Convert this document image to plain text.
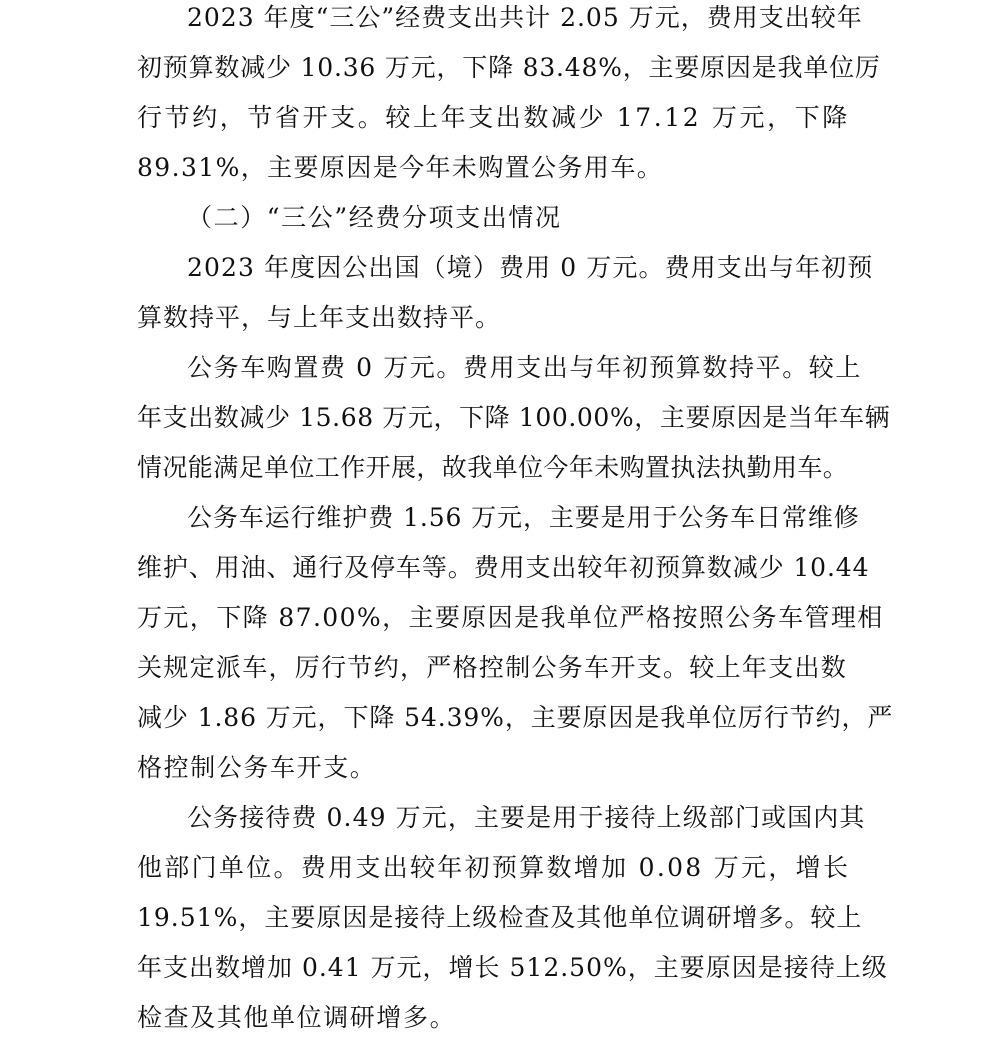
2023 年度“三公”经费支出共计 2.05 万元，费用支出较年
初预算数减少 10.36 万元，下降 83.48%，主要原因是我单位厉
行节约，节省开支。较上年支出数减少 17.12 万元，下降
89.31%，主要原因是今年未购置公务用车。
（二）“三公”经费分项支出情况
2023 年度因公出国（境）费用 0 万元。费用支出与年初预
算数持平，与上年支出数持平。
公务车购置费 0 万元。费用支出与年初预算数持平。较上
年支出数减少 15.68 万元，下降 100.00%，主要原因是当年车辆
情况能满足单位工作开展，故我单位今年未购置执法执勤用车。
公务车运行维护费 1.56 万元，主要是用于公务车日常维修
维护、用油、通行及停车等。费用支出较年初预算数减少 10.44
万元，下降 87.00%，主要原因是我单位严格按照公务车管理相
关规定派车，厉行节约，严格控制公务车开支。较上年支出数
减少 1.86 万元，下降 54.39%，主要原因是我单位厉行节约，严
格控制公务车开支。
公务接待费 0.49 万元，主要是用于接待上级部门或国内其
他部门单位。费用支出较年初预算数增加 0.08 万元，增长
19.51%，主要原因是接待上级检查及其他单位调研增多。较上
年支出数增加 0.41 万元，增长 512.50%，主要原因是接待上级
检查及其他单位调研增多。
